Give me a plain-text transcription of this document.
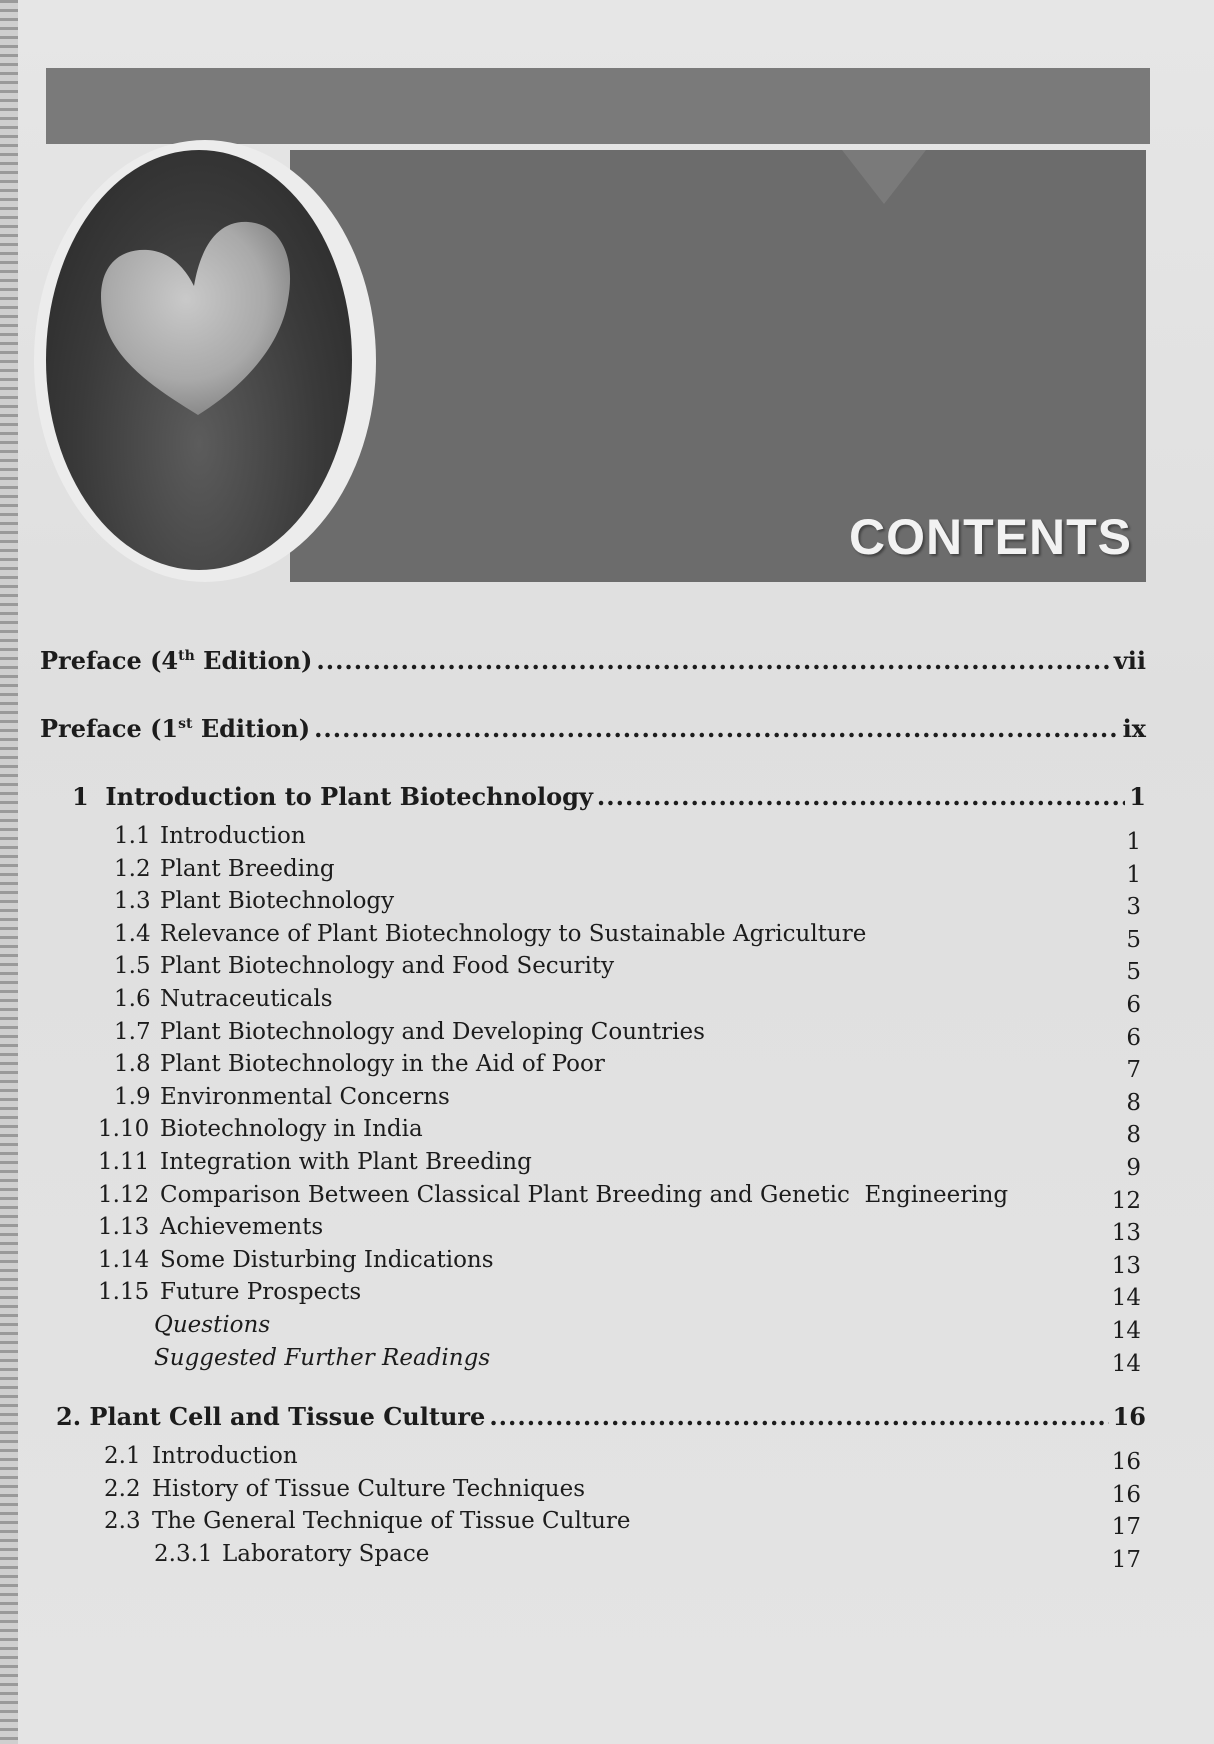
CONTENTS
Preface (4th Edition) .....	vii
Preface (1st Edition) .....	ix
1 Introduction to Plant Biotechnology .....	1
1.1 Introduction	1
1.2 Plant Breeding	1
1.3 Plant Biotechnology	3
1.4 Relevance of Plant Biotechnology to Sustainable Agriculture	5
1.5 Plant Biotechnology and Food Security	5
1.6 Nutraceuticals	6
1.7 Plant Biotechnology and Developing Countries	6
1.8 Plant Biotechnology in the Aid of Poor	7
1.9 Environmental Concerns	8
1.10 Biotechnology in India	8
1.11 Integration with Plant Breeding	9
1.12 Comparison Between Classical Plant Breeding and Genetic  Engineering	12
1.13 Achievements	13
1.14 Some Disturbing Indications	13
1.15 Future Prospects	14
Questions	14
Suggested Further Readings	14
2. Plant Cell and Tissue Culture .....	16
2.1 Introduction	16
2.2 History of Tissue Culture Techniques	16
2.3 The General Technique of Tissue Culture	17
2.3.1 Laboratory Space	17
